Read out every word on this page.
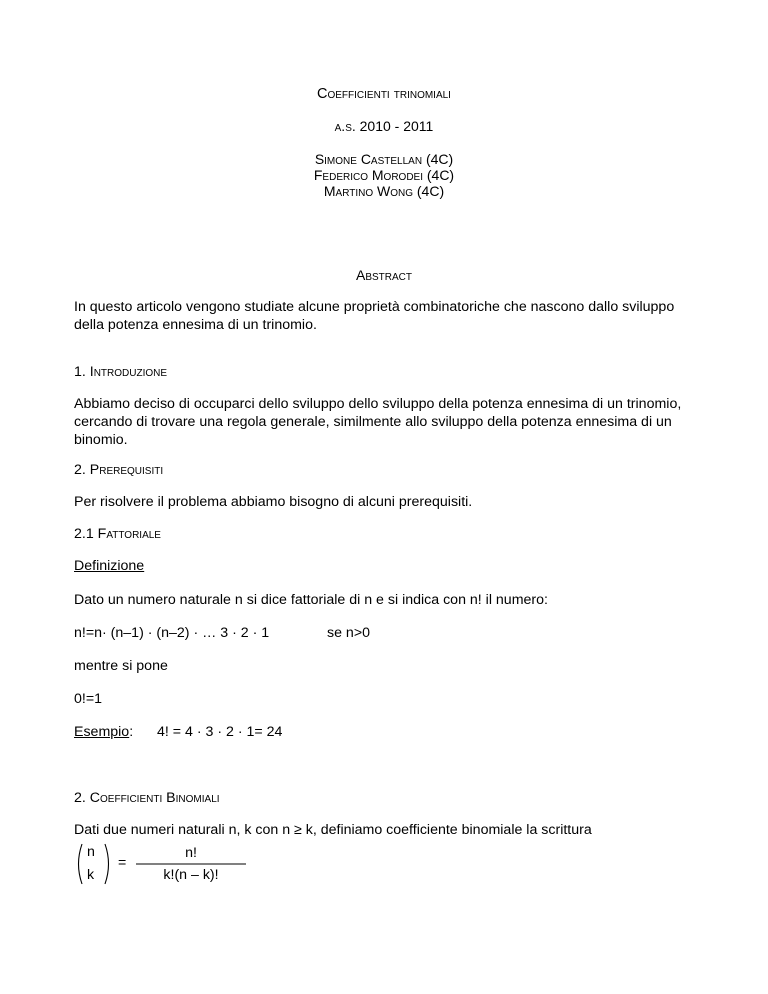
Coefficienti trinomiali
a.s. 2010 - 2011
Simone Castellan (4C)
Federico Morodei (4C)
Martino Wong (4C)
Abstract

In questo articolo vengono studiate alcune proprietà combinatoriche che nascono dallo sviluppo della potenza ennesima di un trinomio.

1. Introduzione

Abbiamo deciso di occuparci dello sviluppo dello sviluppo della potenza ennesima di un trinomio, cercando di trovare una regola generale, similmente allo sviluppo della potenza ennesima di un binomio.

2. Prerequisiti

Per risolvere il problema abbiamo bisogno di alcuni prerequisiti.

2.1 Fattoriale

Definizione

Dato un numero naturale n si dice fattoriale di n e si indica con n! il numero:

n!=n· (n–1) · (n–2) · … 3 · 2 · 1	se n>0

mentre si pone

0!=1

Esempio: 4! = 4 · 3 · 2 · 1= 24

2. Coefficienti Binomiali

Dati due numeri naturali n, k con n ≥ k, definiamo coefficiente binomiale la scrittura

n
k
=
n!
k!(n – k)!
